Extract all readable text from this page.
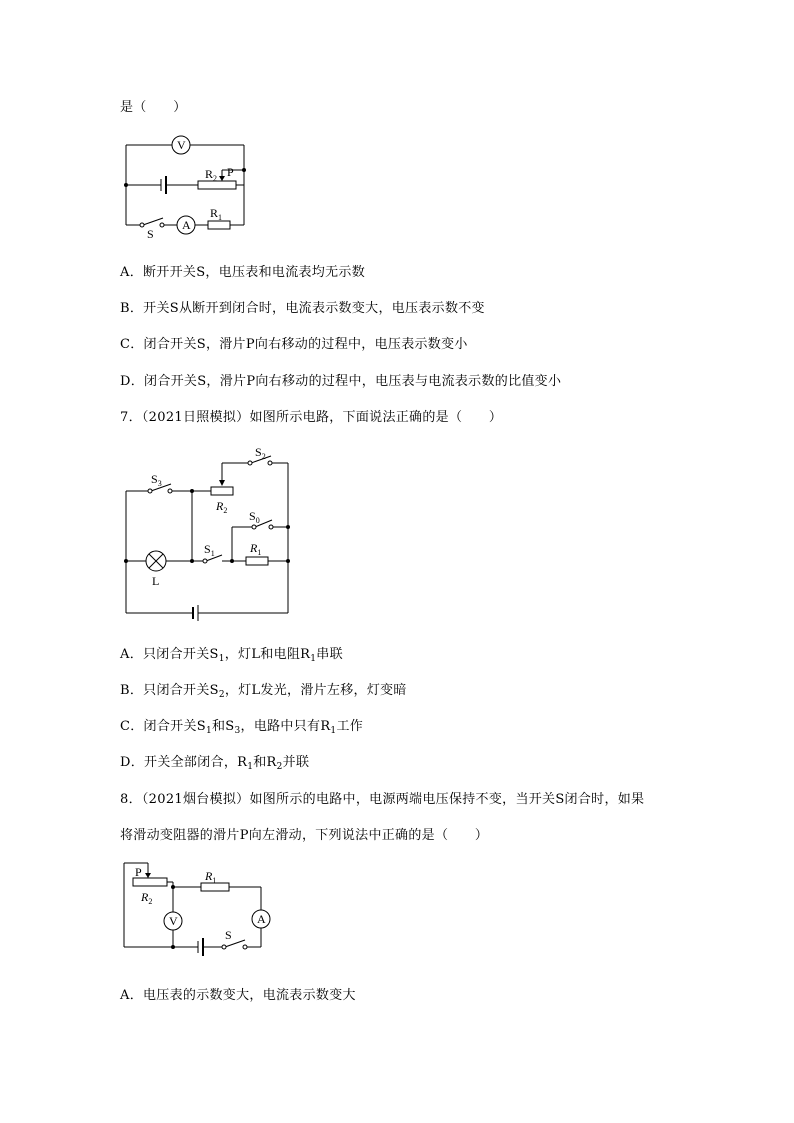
是（　　）
V
A
$R_2$ P
$R_1$
S
$S_2$
$S_3$
$R_2$ $S_0$
$S_1$	$R_1$
L
P
$R_2$
$R_1$
V	A
S
A．断开开关S，电压表和电流表均无示数
B．开关S从断开到闭合时，电流表示数变大，电压表示数不变
C．闭合开关S，滑片P向右移动的过程中，电压表示数变小
D．闭合开关S，滑片P向右移动的过程中，电压表与电流表示数的比值变小
7．（2021日照模拟）如图所示电路，下面说法正确的是（　　）
A．只闭合开关$S_1$，灯L和电阻$R_1$串联
B．只闭合开关$S_2$，灯L发光，滑片左移，灯变暗
C．闭合开关$S_1$和$S_3$，电路中只有$R_1$工作
D．开关全部闭合，$R_1$和$R_2$并联
8．（2021烟台模拟）如图所示的电路中，电源两端电压保持不变，当开关S闭合时，如果
将滑动变阻器的滑片P向左滑动，下列说法中正确的是（　　）
A．电压表的示数变大，电流表示数变大
